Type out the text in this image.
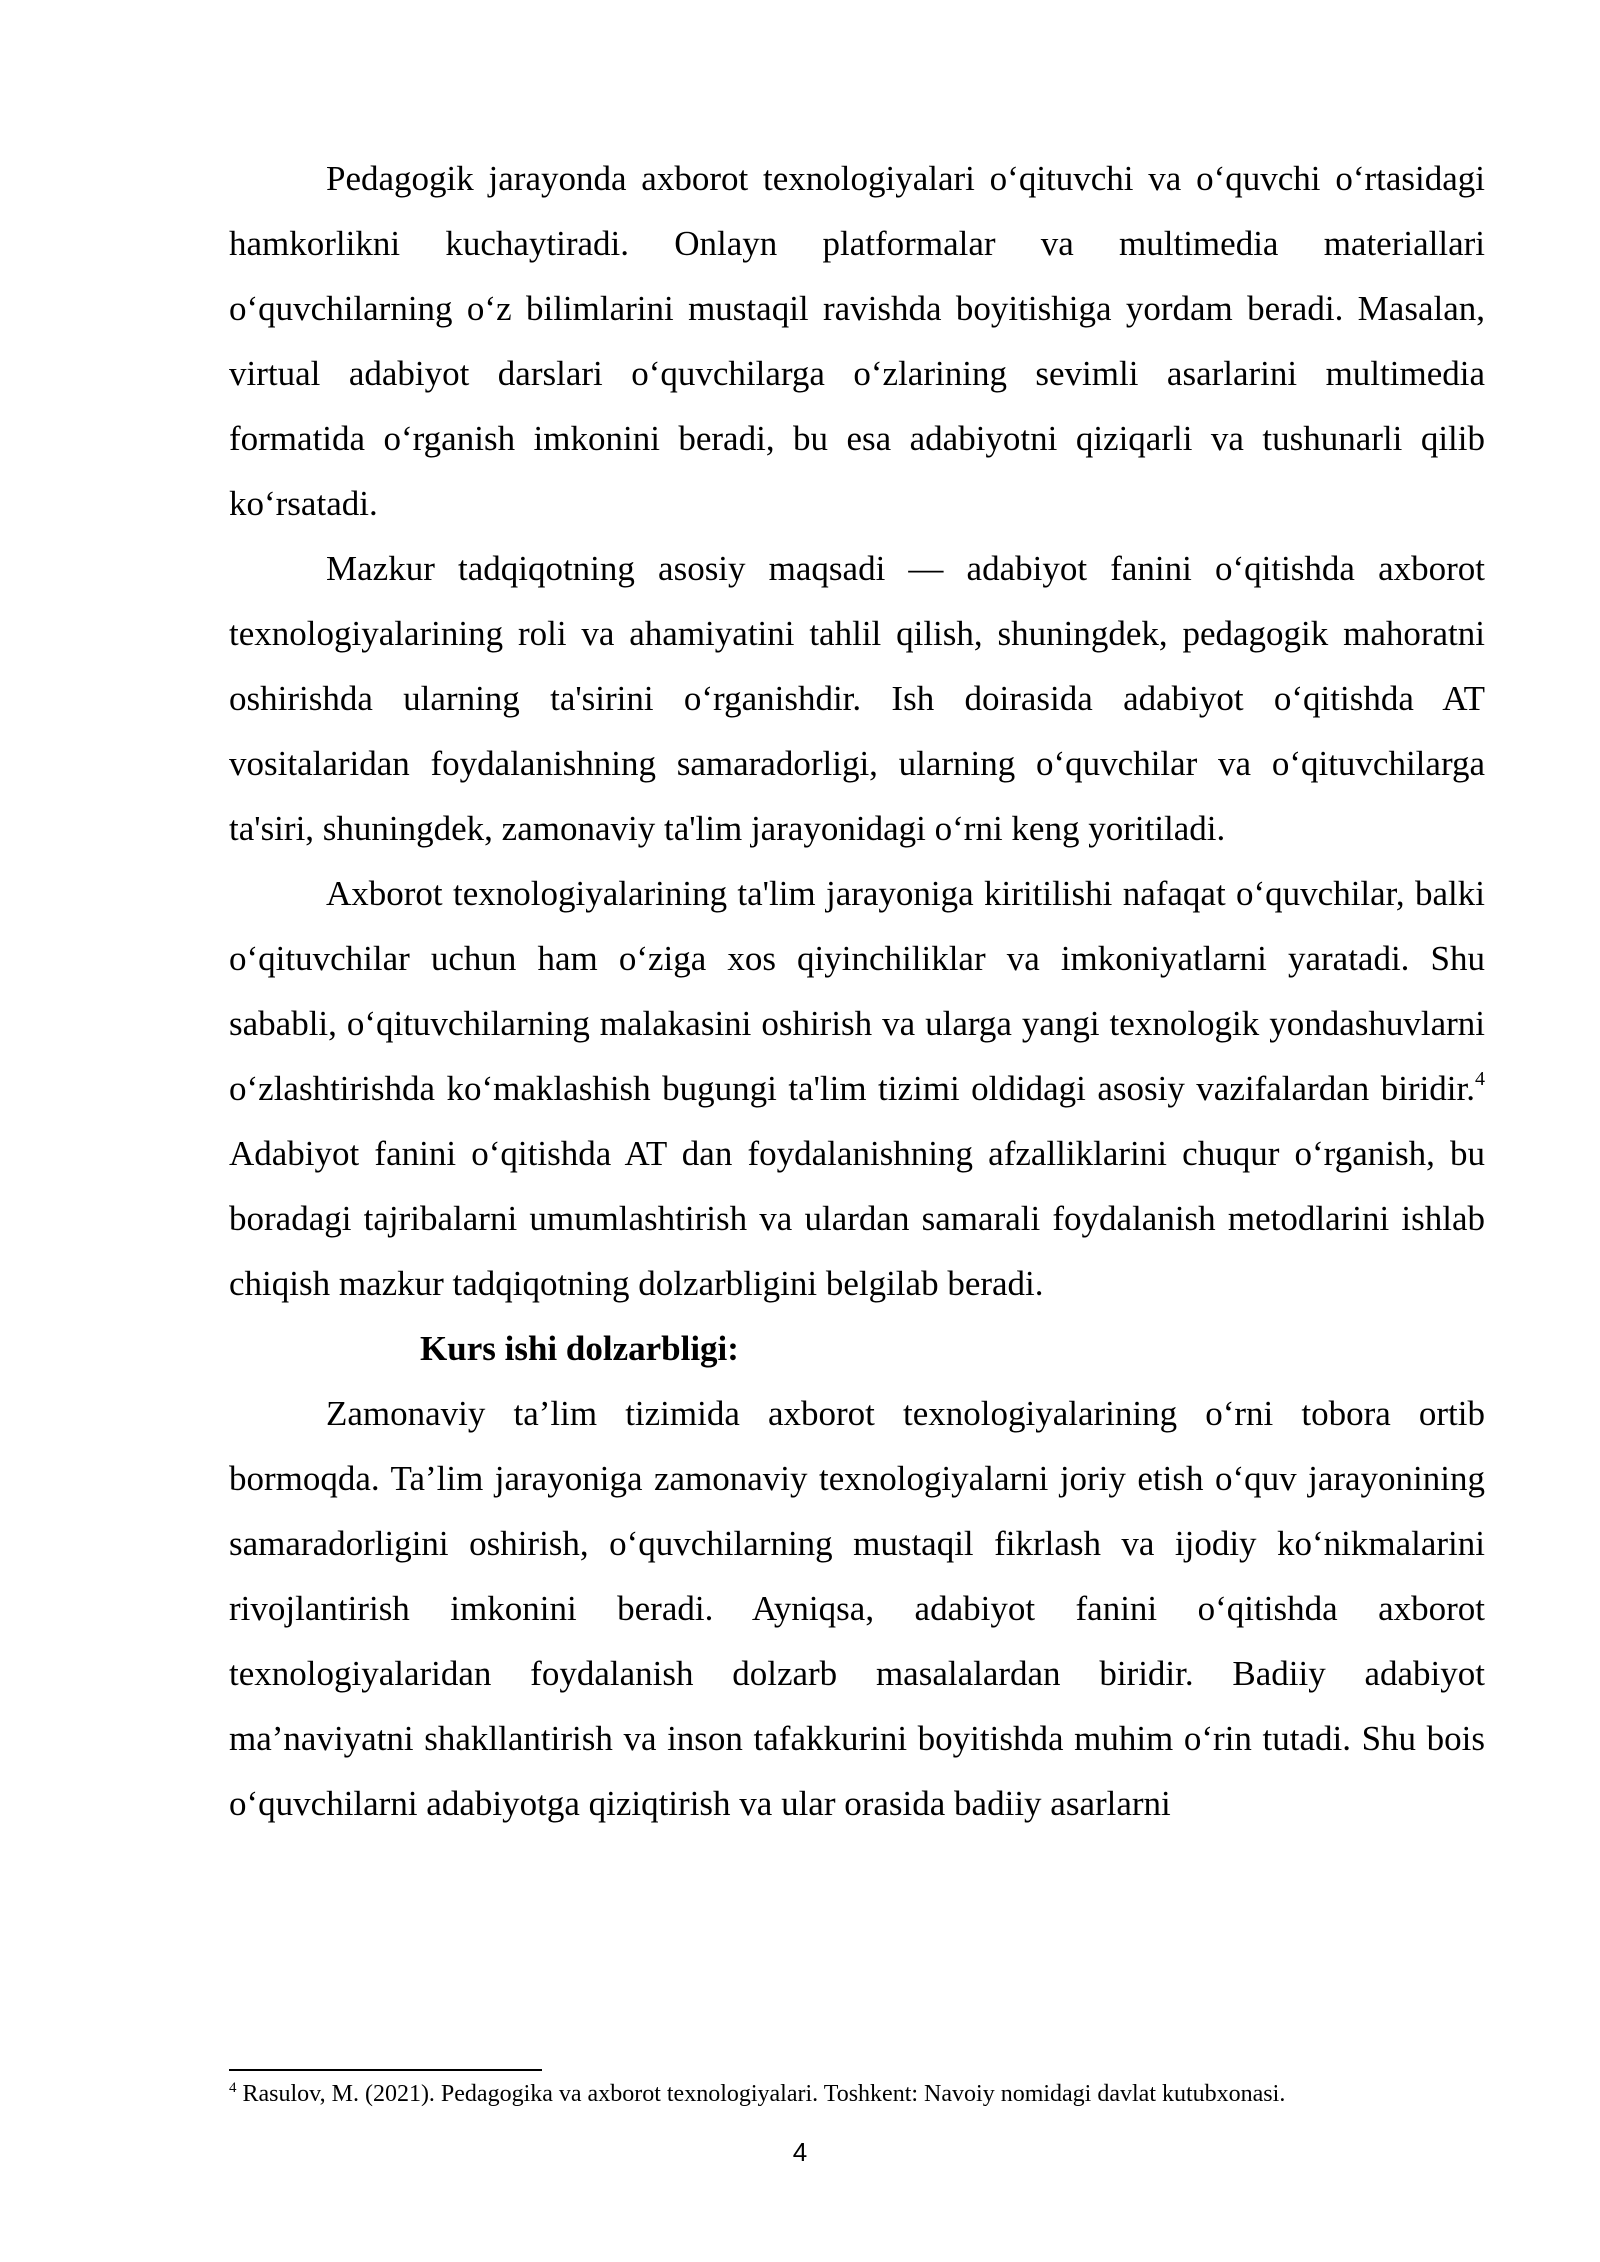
Pedagogik jarayonda axborot texnologiyalari oʻqituvchi va oʻquvchi oʻrtasidagi hamkorlikni kuchaytiradi. Onlayn platformalar va multimedia materiallari oʻquvchilarning oʻz bilimlarini mustaqil ravishda boyitishiga yordam beradi. Masalan, virtual adabiyot darslari oʻquvchilarga oʻzlarining sevimli asarlarini multimedia formatida oʻrganish imkonini beradi, bu esa adabiyotni qiziqarli va tushunarli qilib koʻrsatadi.

Mazkur tadqiqotning asosiy maqsadi — adabiyot fanini oʻqitishda axborot texnologiyalarining roli va ahamiyatini tahlil qilish, shuningdek, pedagogik mahoratni oshirishda ularning ta'sirini oʻrganishdir. Ish doirasida adabiyot oʻqitishda AT vositalaridan foydalanishning samaradorligi, ularning oʻquvchilar va oʻqituvchilarga ta'siri, shuningdek, zamonaviy ta'lim jarayonidagi oʻrni keng yoritiladi.

Axborot texnologiyalarining ta'lim jarayoniga kiritilishi nafaqat oʻquvchilar, balki oʻqituvchilar uchun ham oʻziga xos qiyinchiliklar va imkoniyatlarni yaratadi. Shu sababli, oʻqituvchilarning malakasini oshirish va ularga yangi texnologik yondashuvlarni oʻzlashtirishda koʻmaklashish bugungi ta'lim tizimi oldidagi asosiy vazifalardan biridir.$^4$ Adabiyot fanini oʻqitishda AT dan foydalanishning afzalliklarini chuqur oʻrganish, bu boradagi tajribalarni umumlashtirish va ulardan samarali foydalanish metodlarini ishlab chiqish mazkur tadqiqotning dolzarbligini belgilab beradi.

Kurs ishi dolzarbligi:

Zamonaviy ta’lim tizimida axborot texnologiyalarining oʻrni tobora ortib bormoqda. Ta’lim jarayoniga zamonaviy texnologiyalarni joriy etish oʻquv jarayonining samaradorligini oshirish, oʻquvchilarning mustaqil fikrlash va ijodiy koʻnikmalarini rivojlantirish imkonini beradi. Ayniqsa, adabiyot fanini oʻqitishda axborot texnologiyalaridan foydalanish dolzarb masalalardan biridir. Badiiy adabiyot ma’naviyatni shakllantirish va inson tafakkurini boyitishda muhim oʻrin tutadi. Shu bois oʻquvchilarni adabiyotga qiziqtirish va ular orasida badiiy asarlarni

$^4$ Rasulov, M. (2021). Pedagogika va axborot texnologiyalari. Toshkent: Navoiy nomidagi davlat kutubxonasi.
4
